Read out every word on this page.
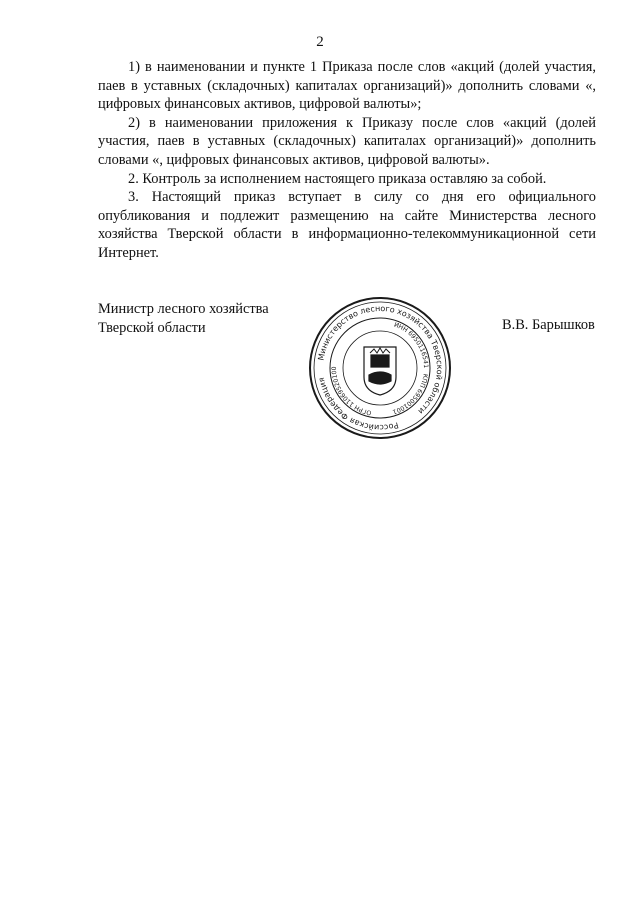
2

1) в наименовании и пункте 1 Приказа после слов «акций (долей участия, паев в уставных (складочных) капиталах организаций)» дополнить словами «, цифровых финансовых активов, цифровой валюты»;

2) в наименовании приложения к Приказу после слов «акций (долей участия, паев в уставных (складочных) капиталах организаций)» дополнить словами «, цифровых финансовых активов, цифровой валюты».

2. Контроль за исполнением настоящего приказа оставляю за собой.

3. Настоящий приказ вступает в силу со дня его официального опубликования и подлежит размещению на сайте Министерства лесного хозяйства Тверской области в информационно-телекоммуникационной сети Интернет.

Министр лесного хозяйства
Тверской области
Министерство лесного хозяйства Тверской области
Российская Федерация
ИНН 6950116541
КПП 695001001
ОГРН 11069520100
В.В. Барышков
